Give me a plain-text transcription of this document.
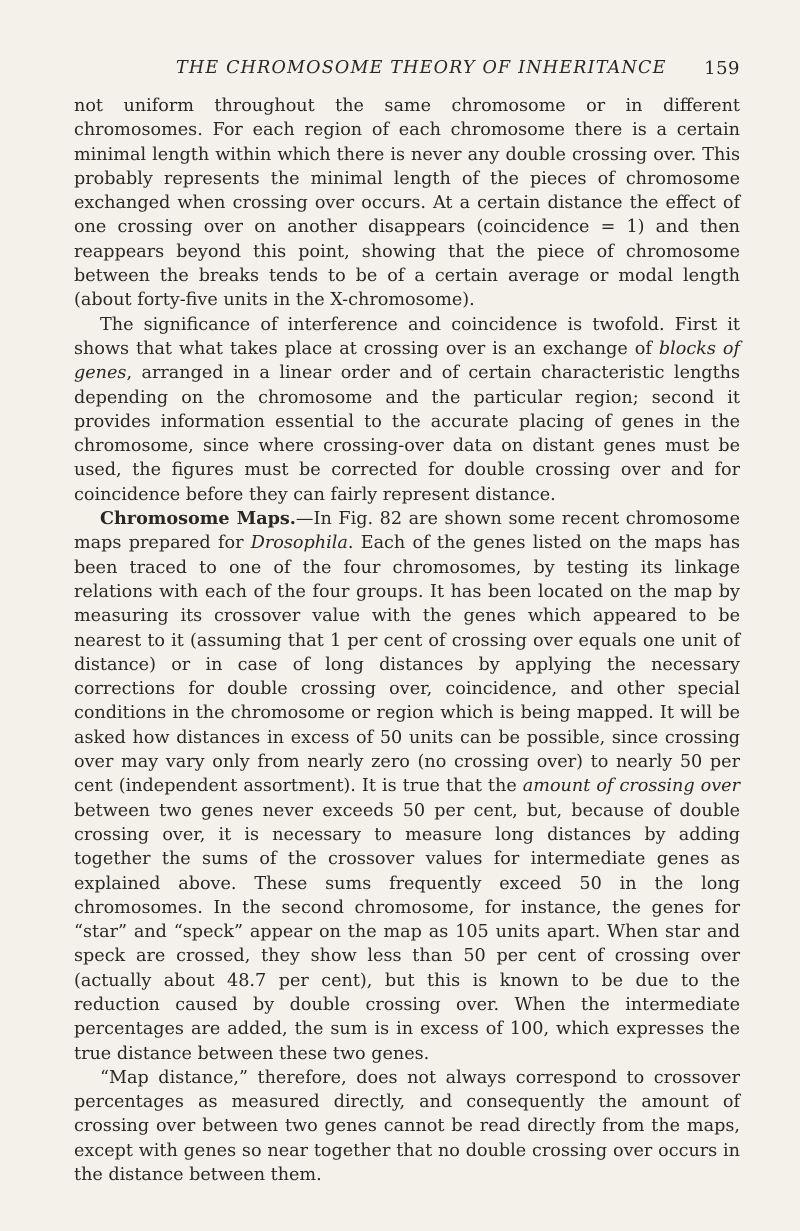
THE CHROMOSOME THEORY OF INHERITANCE 159

not uniform throughout the same chromosome or in different chromosomes. For each region of each chromosome there is a certain minimal length within which there is never any double crossing over. This probably represents the minimal length of the pieces of chromosome exchanged when crossing over occurs. At a certain distance the effect of one crossing over on another disappears (coincidence = 1) and then reappears beyond this point, showing that the piece of chromosome between the breaks tends to be of a certain average or modal length (about forty-five units in the X-chromosome).

The significance of interference and coincidence is twofold. First it shows that what takes place at crossing over is an exchange of blocks of genes, arranged in a linear order and of certain characteristic lengths depending on the chromosome and the particular region; second it provides information essential to the accurate placing of genes in the chromosome, since where crossing-over data on distant genes must be used, the figures must be corrected for double crossing over and for coincidence before they can fairly represent distance.

Chromosome Maps.—In Fig. 82 are shown some recent chromosome maps prepared for Drosophila. Each of the genes listed on the maps has been traced to one of the four chromosomes, by testing its linkage relations with each of the four groups. It has been located on the map by measuring its crossover value with the genes which appeared to be nearest to it (assuming that 1 per cent of crossing over equals one unit of distance) or in case of long distances by applying the necessary corrections for double crossing over, coincidence, and other special conditions in the chromosome or region which is being mapped. It will be asked how distances in excess of 50 units can be possible, since crossing over may vary only from nearly zero (no crossing over) to nearly 50 per cent (independent assortment). It is true that the amount of crossing over between two genes never exceeds 50 per cent, but, because of double crossing over, it is necessary to measure long distances by adding together the sums of the crossover values for intermediate genes as explained above. These sums frequently exceed 50 in the long chromosomes. In the second chromosome, for instance, the genes for “star” and “speck” appear on the map as 105 units apart. When star and speck are crossed, they show less than 50 per cent of crossing over (actually about 48.7 per cent), but this is known to be due to the reduction caused by double crossing over. When the intermediate percentages are added, the sum is in excess of 100, which expresses the true distance between these two genes.

“Map distance,” therefore, does not always correspond to crossover percentages as measured directly, and consequently the amount of crossing over between two genes cannot be read directly from the maps, except with genes so near together that no double crossing over occurs in the distance between them.
